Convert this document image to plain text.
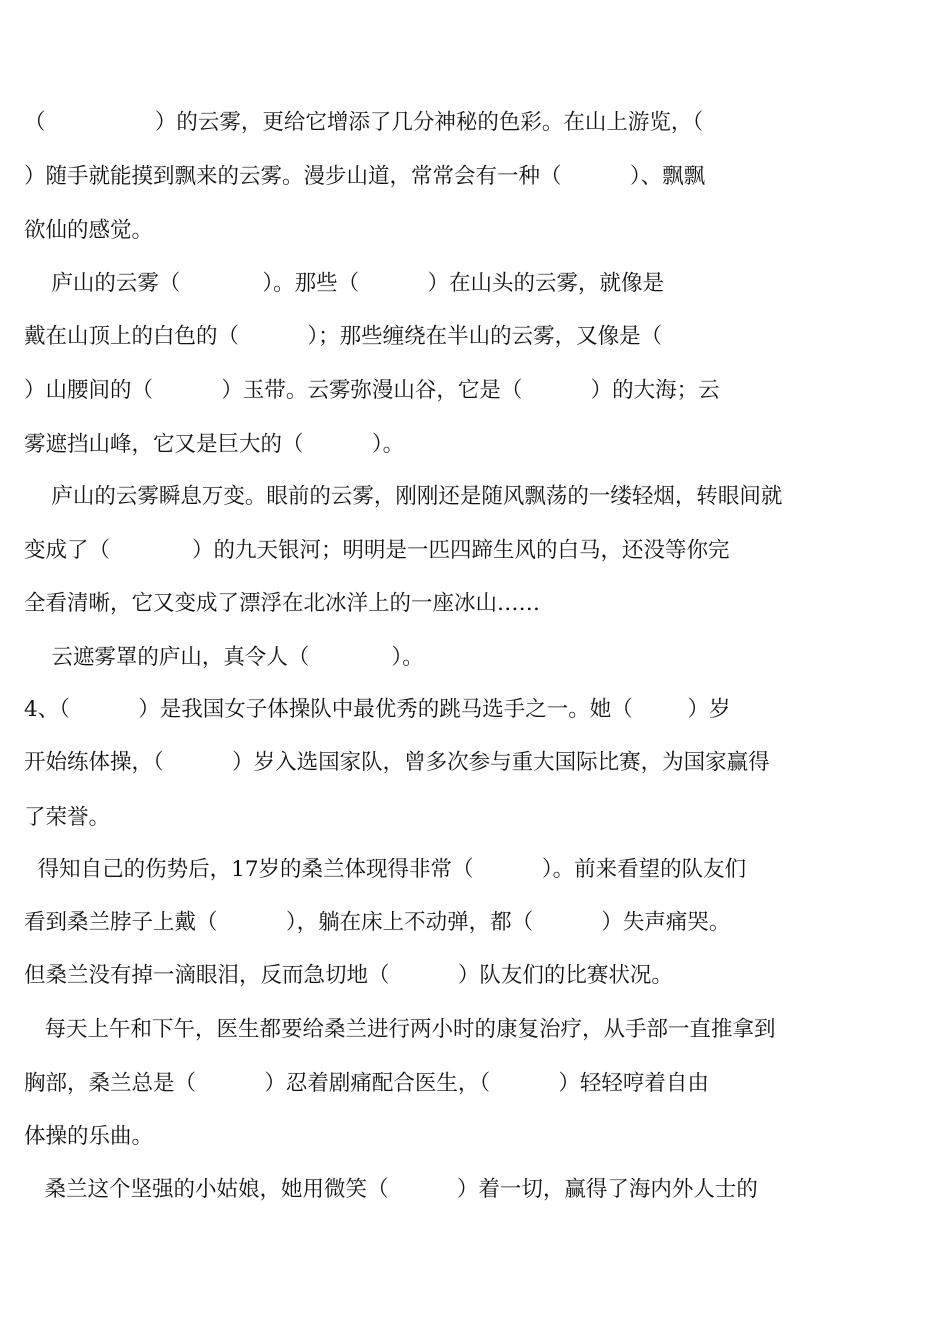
（                ）的云雾，更给它增添了几分神秘的色彩。在山上游览，（
）随手就能摸到飘来的云雾。漫步山道，常常会有一种（          ）、飘飘
欲仙的感觉。
庐山的云雾（            ）。那些（          ）在山头的云雾，就像是
戴在山顶上的白色的（          ）；那些缠绕在半山的云雾，又像是（
）山腰间的（          ）玉带。云雾弥漫山谷，它是（          ）的大海；云
雾遮挡山峰，它又是巨大的（          ）。
庐山的云雾瞬息万变。眼前的云雾，刚刚还是随风飘荡的一缕轻烟，转眼间就
变成了（            ）的九天银河；明明是一匹四蹄生风的白马，还没等你完
全看清晰，它又变成了漂浮在北冰洋上的一座冰山……
云遮雾罩的庐山，真令人（            ）。
4、（          ）是我国女子体操队中最优秀的跳马选手之一。她（        ）岁
开始练体操，（          ）岁入选国家队，曾多次参与重大国际比赛，为国家赢得
了荣誉。
得知自己的伤势后，17岁的桑兰体现得非常（          ）。前来看望的队友们
看到桑兰脖子上戴（          ），躺在床上不动弹，都（          ）失声痛哭。
但桑兰没有掉一滴眼泪，反而急切地（          ）队友们的比赛状况。
每天上午和下午，医生都要给桑兰进行两小时的康复治疗，从手部一直推拿到
胸部，桑兰总是（          ）忍着剧痛配合医生，（          ）轻轻哼着自由
体操的乐曲。
桑兰这个坚强的小姑娘，她用微笑（          ）着一切，赢得了海内外人士的
